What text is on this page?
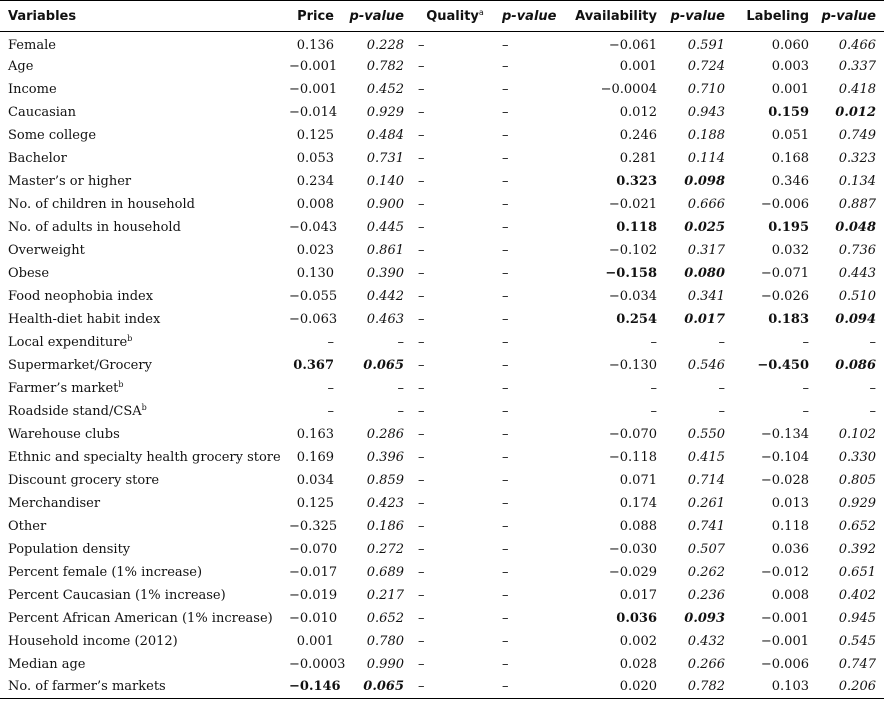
Variables	Price	p-value	Quality$^a$	p-value	Availability	p-value	Labeling	p-value
Female	0.136	0.228	–	–	−0.061	0.591	0.060	0.466
Age	−0.001	0.782	–	–	0.001	0.724	0.003	0.337
Income	−0.001	0.452	–	–	−0.0004	0.710	0.001	0.418
Caucasian	−0.014	0.929	–	–	0.012	0.943	0.159	0.012
Some college	0.125	0.484	–	–	0.246	0.188	0.051	0.749
Bachelor	0.053	0.731	–	–	0.281	0.114	0.168	0.323
Master’s or higher	0.234	0.140	–	–	0.323	0.098	0.346	0.134
No. of children in household	0.008	0.900	–	–	−0.021	0.666	−0.006	0.887
No. of adults in household	−0.043	0.445	–	–	0.118	0.025	0.195	0.048
Overweight	0.023	0.861	–	–	−0.102	0.317	0.032	0.736
Obese	0.130	0.390	–	–	−0.158	0.080	−0.071	0.443
Food neophobia index	−0.055	0.442	–	–	−0.034	0.341	−0.026	0.510
Health-diet habit index	−0.063	0.463	–	–	0.254	0.017	0.183	0.094
Local expenditure$^b$	–	–	–	–	–	–	–	–
Supermarket/Grocery	0.367	0.065	–	–	−0.130	0.546	−0.450	0.086
Farmer’s market$^b$	–	–	–	–	–	–	–	–
Roadside stand/CSA$^b$	–	–	–	–	–	–	–	–
Warehouse clubs	0.163	0.286	–	–	−0.070	0.550	−0.134	0.102
Ethnic and specialty health grocery store	0.169	0.396	–	–	−0.118	0.415	−0.104	0.330
Discount grocery store	0.034	0.859	–	–	0.071	0.714	−0.028	0.805
Merchandiser	0.125	0.423	–	–	0.174	0.261	0.013	0.929
Other	−0.325	0.186	–	–	0.088	0.741	0.118	0.652
Population density	−0.070	0.272	–	–	−0.030	0.507	0.036	0.392
Percent female (1% increase)	−0.017	0.689	–	–	−0.029	0.262	−0.012	0.651
Percent Caucasian (1% increase)	−0.019	0.217	–	–	0.017	0.236	0.008	0.402
Percent African American (1% increase)	−0.010	0.652	–	–	0.036	0.093	−0.001	0.945
Household income (2012)	0.001	0.780	–	–	0.002	0.432	−0.001	0.545
Median age	−0.0003	0.990	–	–	0.028	0.266	−0.006	0.747
No. of farmer’s markets	−0.146	0.065	–	–	0.020	0.782	0.103	0.206
